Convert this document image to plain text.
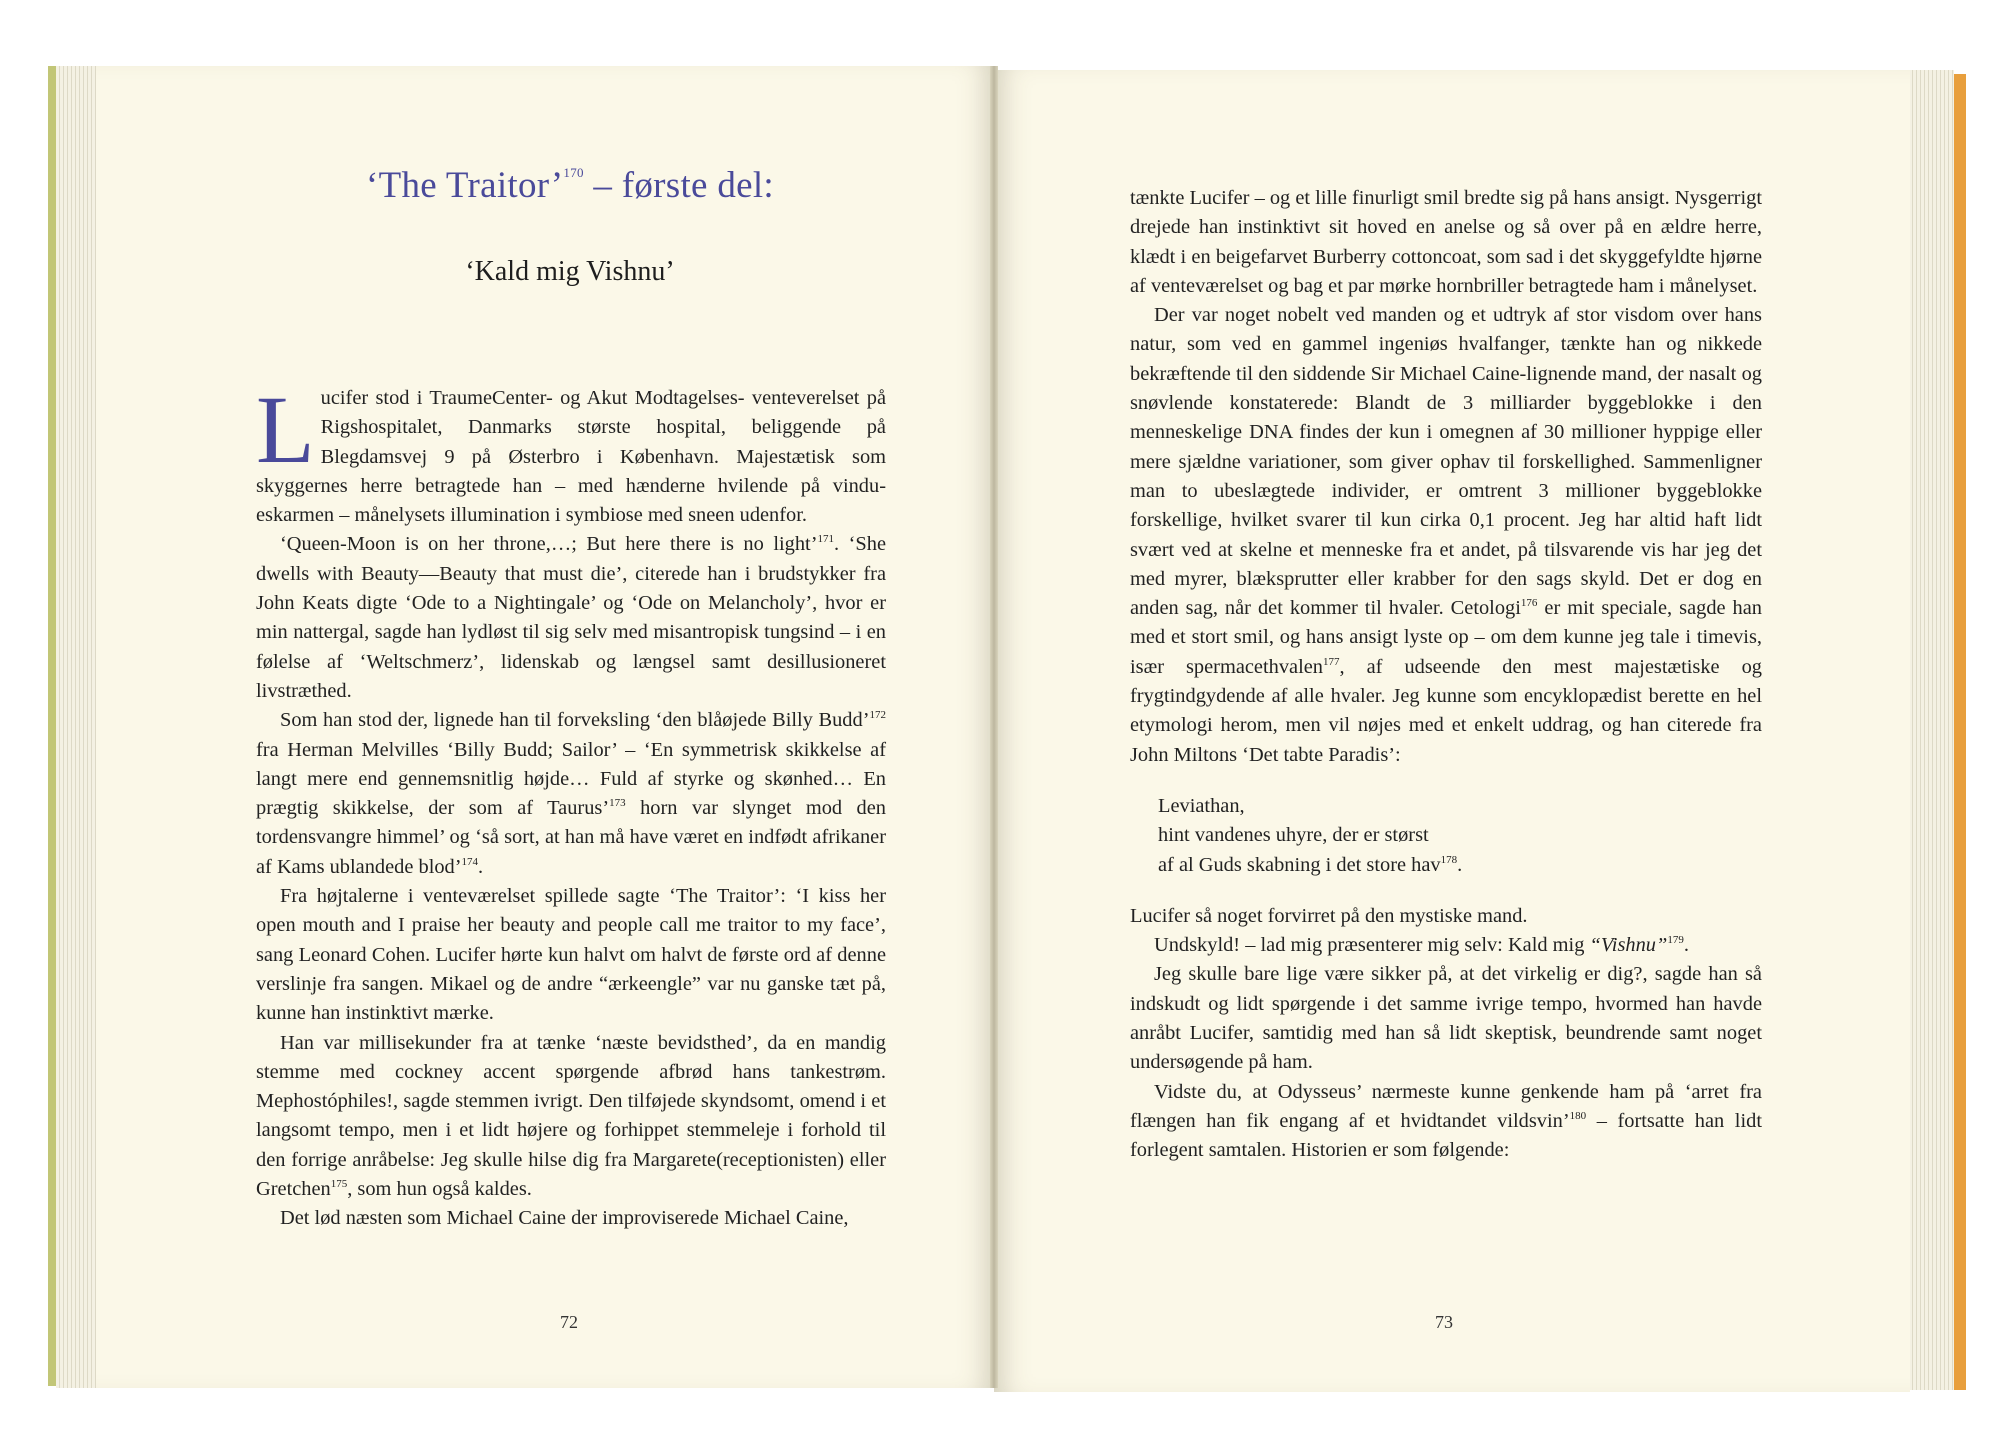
‘The Traitor’$^{170}$ – første del:
‘Kald mig Vishnu’

Lucifer stod i TraumeCenter- og Akut Modtagelses- venteverelset på Rigshospitalet, Danmarks største hospital, beliggende på Blegdamsvej 9 på Østerbro i København. Majestætisk som skyggernes herre betragtede han – med hænderne hvilende på vindueskarmen – månelysets illumination i symbiose med sneen udenfor.

‘Queen-Moon is on her throne,…; But here there is no light’$^{171}$. ‘She dwells with Beauty—Beauty that must die’, citerede han i brudstykker fra John Keats digte ‘Ode to a Nightingale’ og ‘Ode on Melancholy’, hvor er min nattergal, sagde han lydløst til sig selv med misantropisk tungsind – i en følelse af ‘Weltschmerz’, lidenskab og længsel samt desillusioneret livstræthed.

Som han stod der, lignede han til forveksling ‘den blåøjede Billy Budd’$^{172}$ fra Herman Melvilles ‘Billy Budd; Sailor’ – ‘En symmetrisk skikkelse af langt mere end gennemsnitlig højde… Fuld af styrke og skønhed… En prægtig skikkelse, der som af Taurus’$^{173}$ horn var slynget mod den tordensvangre himmel’ og ‘så sort, at han må have været en indfødt afrikaner af Kams ublandede blod’$^{174}$.

Fra højtalerne i venteværelset spillede sagte ‘The Traitor’: ‘I kiss her open mouth and I praise her beauty and people call me traitor to my face’, sang Leonard Cohen. Lucifer hørte kun halvt om halvt de første ord af denne verslinje fra sangen. Mikael og de andre “ærkeengle” var nu ganske tæt på, kunne han instinktivt mærke.

Han var millisekunder fra at tænke ‘næste bevidsthed’, da en mandig stemme med cockney accent spørgende afbrød hans tankestrøm. Mephostóphiles!, sagde stemmen ivrigt. Den tilføjede skyndsomt, omend i et langsomt tempo, men i et lidt højere og forhippet stemmeleje i forhold til den forrige anråbelse: Jeg skulle hilse dig fra Margarete(receptionisten) eller Gretchen$^{175}$, som hun også kaldes.

Det lød næsten som Michael Caine der improviserede Michael Caine,

72

tænkte Lucifer – og et lille finurligt smil bredte sig på hans ansigt. Nysgerrigt drejede han instinktivt sit hoved en anelse og så over på en ældre herre, klædt i en beigefarvet Burberry cottoncoat, som sad i det skyggefyldte hjørne af venteværelset og bag et par mørke hornbriller betragtede ham i månelyset.

Der var noget nobelt ved manden og et udtryk af stor visdom over hans natur, som ved en gammel ingeniøs hvalfanger, tænkte han og nikkede bekræftende til den siddende Sir Michael Caine-lignende mand, der nasalt og snøvlende konstaterede: Blandt de 3 milliarder byggeblokke i den menneskelige DNA findes der kun i omegnen af 30 millioner hyppige eller mere sjældne variationer, som giver ophav til forskellighed. Sammenligner man to ubeslægtede individer, er omtrent 3 millioner byggeblokke forskellige, hvilket svarer til kun cirka 0,1 procent. Jeg har altid haft lidt svært ved at skelne et menneske fra et andet, på tilsvarende vis har jeg det med myrer, blæksprutter eller krabber for den sags skyld. Det er dog en anden sag, når det kommer til hvaler. Cetologi$^{176}$ er mit speciale, sagde han med et stort smil, og hans ansigt lyste op – om dem kunne jeg tale i timevis, især spermacethvalen$^{177}$, af udseende den mest majestætiske og frygtindgydende af alle hvaler. Jeg kunne som encyklopædist berette en hel etymologi herom, men vil nøjes med et enkelt uddrag, og han citerede fra John Miltons ‘Det tabte Paradis’:

Leviathan,
hint vandenes uhyre, der er størst
af al Guds skabning i det store hav$^{178}$.

Lucifer så noget forvirret på den mystiske mand.

Undskyld! – lad mig præsenterer mig selv: Kald mig “Vishnu”$^{179}$.

Jeg skulle bare lige være sikker på, at det virkelig er dig?, sagde han så indskudt og lidt spørgende i det samme ivrige tempo, hvormed han havde anråbt Lucifer, samtidig med han så lidt skeptisk, beundrende samt noget undersøgende på ham.

Vidste du, at Odysseus’ nærmeste kunne genkende ham på ‘arret fra flængen han fik engang af et hvidtandet vildsvin’$^{180}$ – fortsatte han lidt forlegent samtalen. Historien er som følgende:

73
